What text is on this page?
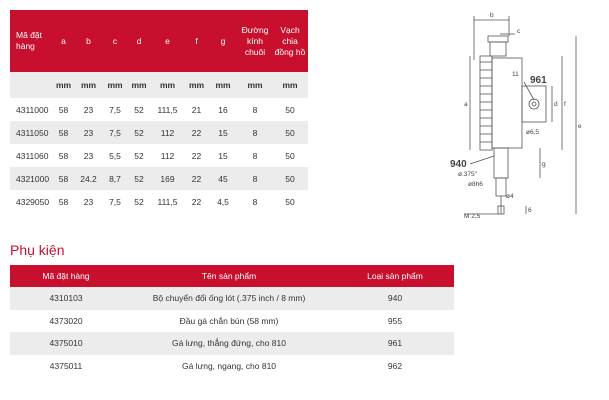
Mã đặt hàng	a	b	c	d	e	f	g	Đường kính chuôi	Vạch chia đồng hồ
	mm	mm	mm	mm	mm	mm	mm	mm	mm
4311000	58	23	7,5	52	111,5	21	16	8	50
4311050	58	23	7,5	52	112	22	15	8	50
4311060	58	23	5,5	52	112	22	15	8	50
4321000	58	24.2	8,7	52	169	22	45	8	50
4329050	58	23	7,5	52	111,5	22	4,5	8	50
Phụ kiện
Mã đặt hàng	Tên sản phẩm	Loại sản phẩm
4310103	Bộ chuyển đổi ống lót (.375 inch / 8 mm)	940
4373020	Đầu gá chắn bùn (58 mm)	955
4375010	Gá lưng, thẳng đứng, cho 810	961
4375011	Gá lưng, ngang, cho 810	962
b
c
a	d f
e
g
11
ø6,5
ø.375"
ø8h6
ø4
M 2,5
6
961
940
